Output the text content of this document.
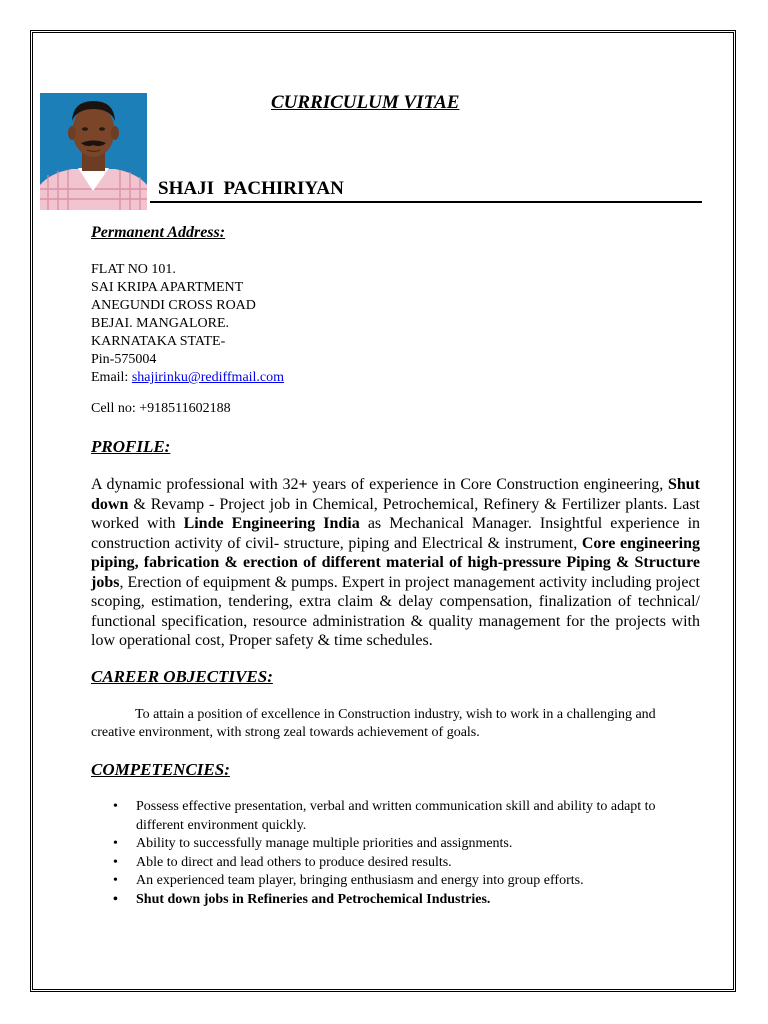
CURRICULUM VITAE
SHAJI  PACHIRIYAN
Permanent Address:
FLAT NO 101.
SAI KRIPA APARTMENT
ANEGUNDI CROSS ROAD
BEJAI. MANGALORE.
KARNATAKA STATE-
Pin-575004
Email: shajirinku@rediffmail.com
Cell no: +918511602188
PROFILE:
A dynamic professional with 32+ years of experience in Core Construction engineering, Shut down & Revamp - Project job in Chemical, Petrochemical, Refinery & Fertilizer plants. Last worked with Linde Engineering India as Mechanical Manager. Insightful experience in construction activity of civil- structure, piping and Electrical & instrument, Core engineering piping, fabrication & erection of different material of high-pressure Piping & Structure jobs, Erection of equipment & pumps. Expert in project management activity including project scoping, estimation, tendering, extra claim & delay compensation, finalization of technical/ functional specification, resource administration & quality management for the projects with low operational cost, Proper safety & time schedules.
CAREER OBJECTIVES:
To attain a position of excellence in Construction industry, wish to work in a challenging and creative environment, with strong zeal towards achievement of goals.
COMPETENCIES:
• Possess effective presentation, verbal and written communication skill and ability to adapt to different environment quickly.
• Ability to successfully manage multiple priorities and assignments.
• Able to direct and lead others to produce desired results.
• An experienced team player, bringing enthusiasm and energy into group efforts.
• Shut down jobs in Refineries and Petrochemical Industries.
